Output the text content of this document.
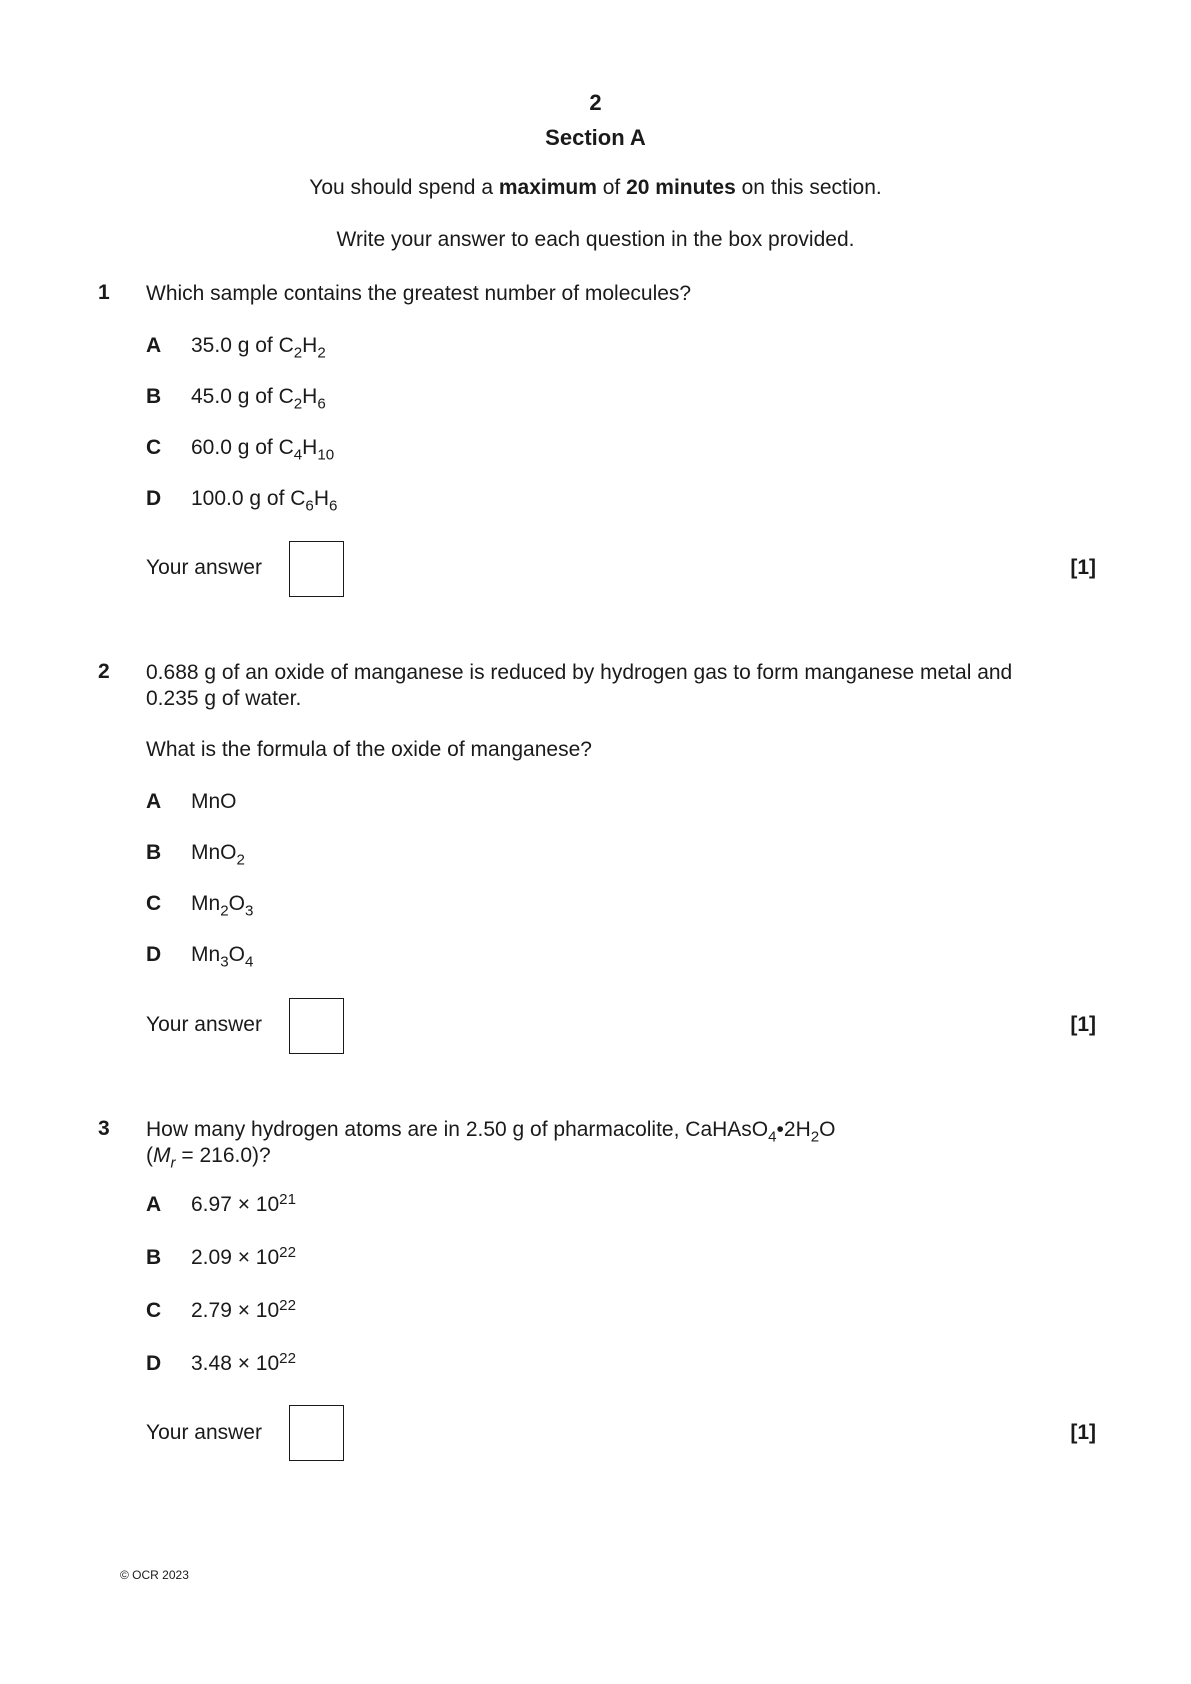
2
Section A
You should spend a maximum of 20 minutes on this section.
Write your answer to each question in the box provided.
1 Which sample contains the greatest number of molecules?
A 35.0 g of $C_2H_2$
B 45.0 g of $C_2H_6$
C 60.0 g of $C_4H_{10}$
D 100.0 g of $C_6H_6$
Your answer	[1]
2 0.688 g of an oxide of manganese is reduced by hydrogen gas to form manganese metal and
0.235 g of water.
What is the formula of the oxide of manganese?
A MnO
B MnO$_2$
C $Mn_2O_3$
D $Mn_3O_4$
Your answer	[1]
3 How many hydrogen atoms are in 2.50 g of pharmacolite, $CaHAsO_4•2H_2O$
$(M_r = 216.0)$?
A $6.97 \times 10^{21}$
B $2.09 \times 10^{22}$
C $2.79 \times 10^{22}$
D $3.48 \times 10^{22}$
Your answer	[1]
© OCR 2023
